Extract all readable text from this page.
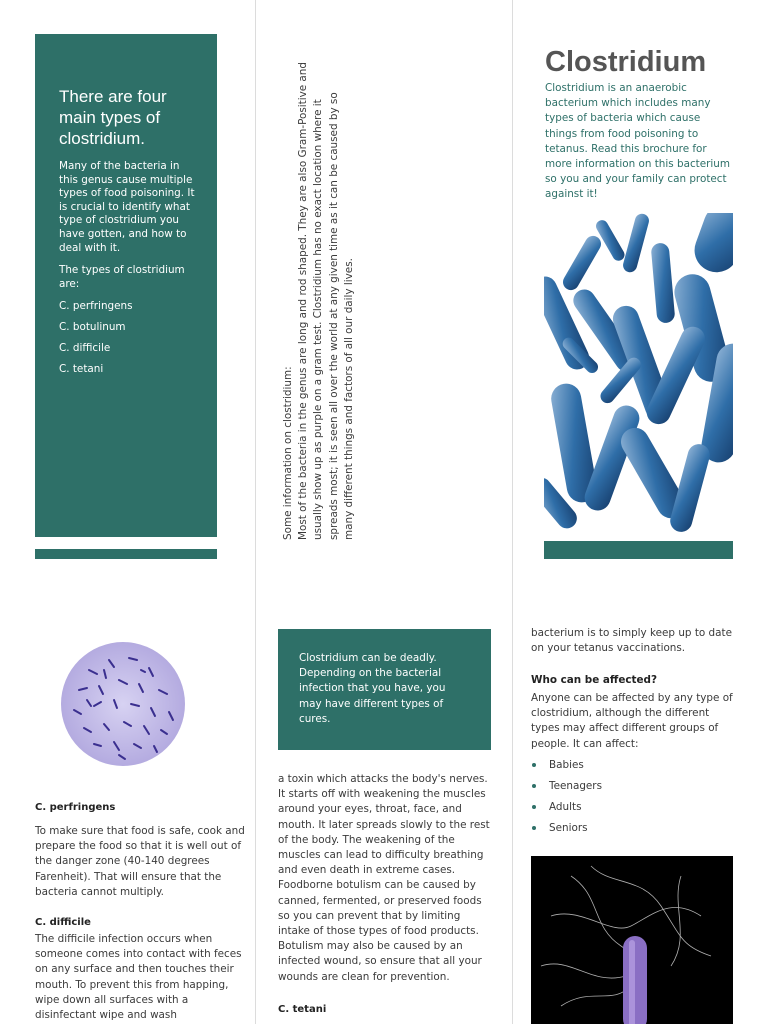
There are four main types of clostridium.

Many of the bacteria in this genus cause multiple types of food poisoning. It is crucial to identify what type of clostridium you have gotten, and how to deal with it.

The types of clostridium are:

C. perfringens
C. botulinum
C. difficile
C. tetani	Some information on clostridium: Most of the bacteria in the genus are long and rod shaped. They are also Gram-Positive and usually show up as purple on a gram test. Clostridium has no exact location where it spreads most; it is seen all over the world at any given time as it can be caused by so many different things and factors of all our daily lives.

Clostridium

Clostridium is an anaerobic bacterium which includes many types of bacteria which cause things from food poisoning to tetanus. Read this brochure for more information on this bacterium so you and your family can protect against it!

C. perfringens

To make sure that food is safe, cook and prepare the food so that it is well out of the danger zone (40-140 degrees Farenheit). That will ensure that the bacteria cannot multiply.

C. difficile

The difficile infection occurs when someone comes into contact with feces on any surface and then touches their mouth. To prevent this from happing, wipe down all surfaces with a disinfectant wipe and wash

Clostridium can be deadly. Depending on the bacterial infection that you have, you may have different types of cures.

a toxin which attacks the body's nerves. It starts off with weakening the muscles around your eyes, throat, face, and mouth. It later spreads slowly to the rest of the body. The weakening of the muscles can lead to difficulty breathing and even death in extreme cases. Foodborne botulism can be caused by canned, fermented, or preserved foods so you can prevent that by limiting intake of those types of food products. Botulism may also be caused by an infected wound, so ensure that all your wounds are clean for prevention.

C. tetani

bacterium is to simply keep up to date on your tetanus vaccinations.

Who can be affected?

Anyone can be affected by any type of clostridium, although the different types may affect different groups of people. It can affect:

Babies
Teenagers
Adults
Seniors
